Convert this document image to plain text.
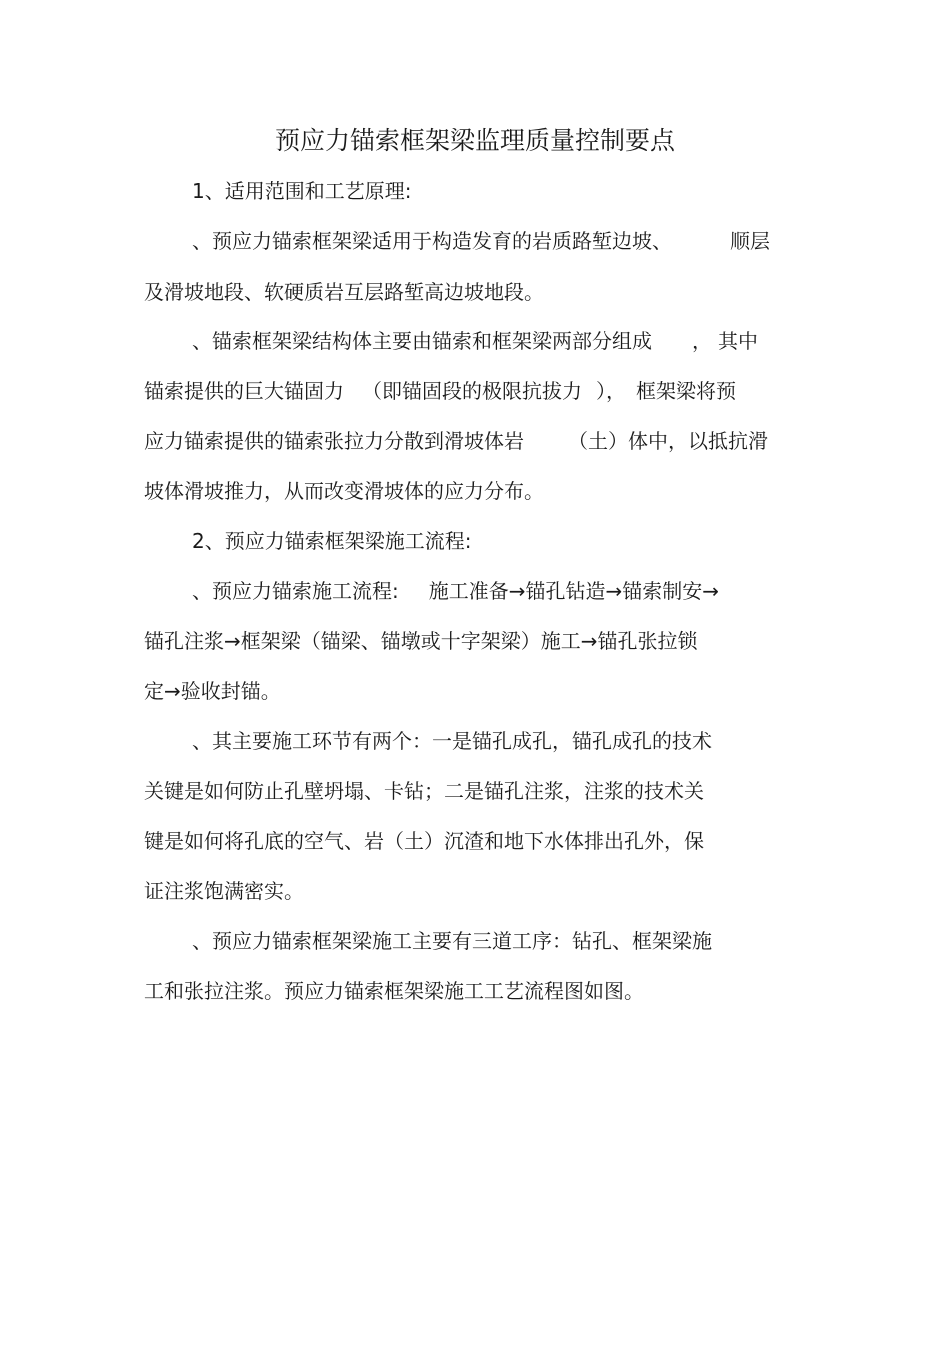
预应力锚索框架梁监理质量控制要点
1、适用范围和工艺原理:
、预应力锚索框架梁适用于构造发育的岩质路堑边坡、	顺层
及滑坡地段、软硬质岩互层路堑高边坡地段。
、锚索框架梁结构体主要由锚索和框架梁两部分组成 ， 其中
锚索提供的巨大锚固力 （即锚固段的极限抗拔力 ）， 框架梁将预
应力锚索提供的锚索张拉力分散到滑坡体岩 （土）体中，以抵抗滑
坡体滑坡推力，从而改变滑坡体的应力分布。
2、预应力锚索框架梁施工流程:
、预应力锚索施工流程: 施工准备→锚孔钻造→锚索制安→
锚孔注浆→框架梁（锚梁、锚墩或十字架梁）施工→锚孔张拉锁
定→验收封锚。
、其主要施工环节有两个：一是锚孔成孔，锚孔成孔的技术
关键是如何防止孔壁坍塌、卡钻；二是锚孔注浆，注浆的技术关
键是如何将孔底的空气、岩（土）沉渣和地下水体排出孔外，保
证注浆饱满密实。
、预应力锚索框架梁施工主要有三道工序：钻孔、框架梁施
工和张拉注浆。预应力锚索框架梁施工工艺流程图如图。
